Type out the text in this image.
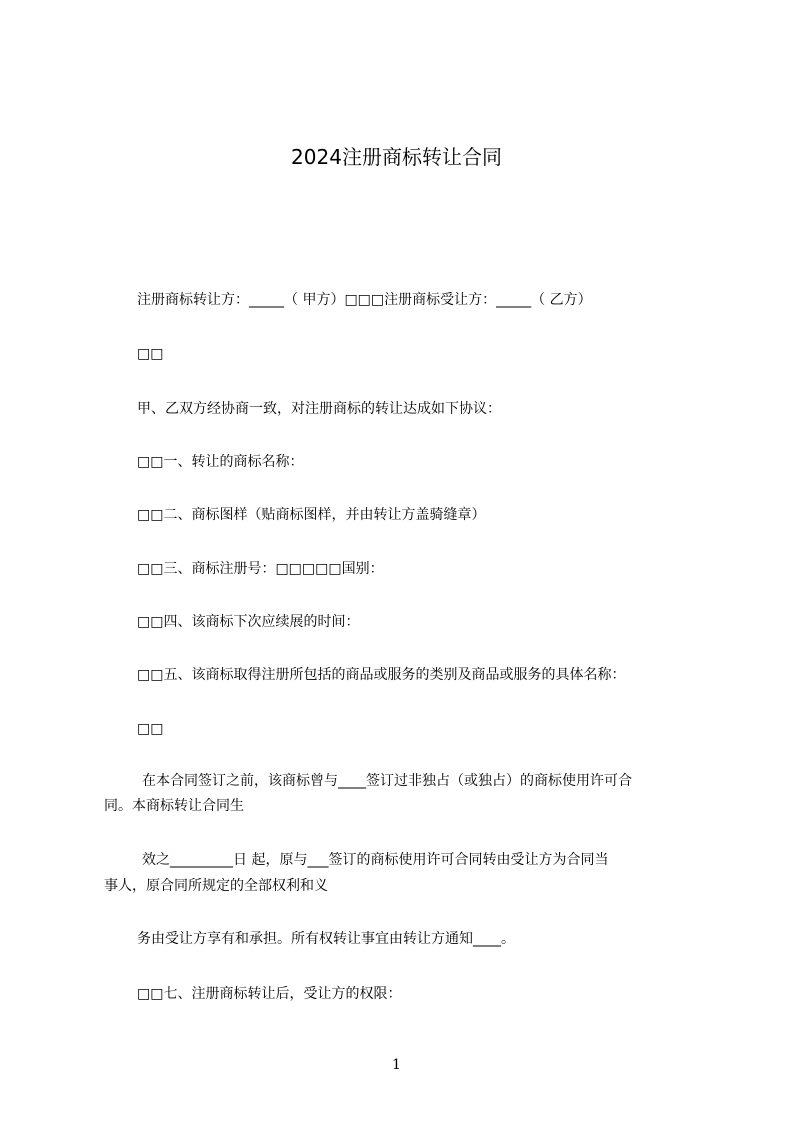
2024注册商标转让合同
注册商标转让方：_____（ 甲方）□□□注册商标受让方：_____（ 乙方）
□□
甲、乙双方经协商一致，对注册商标的转让达成如下协议：
□□一、转让的商标名称：
□□二、商标图样（贴商标图样，并由转让方盖骑缝章）
□□三、商标注册号：□□□□□国别：
□□四、该商标下次应续展的时间：
□□五、该商标取得注册所包括的商品或服务的类别及商品或服务的具体名称：
□□
在本合同签订之前，该商标曾与____签订过非独占（或独占）的商标使用许可合
同。本商标转让合同生
效之_________日 起，原与___签订的商标使用许可合同转由受让方为合同当
事人，原合同所规定的全部权利和义
务由受让方享有和承担。所有权转让事宜由转让方通知____。
□□七、注册商标转让后，受让方的权限：
1
